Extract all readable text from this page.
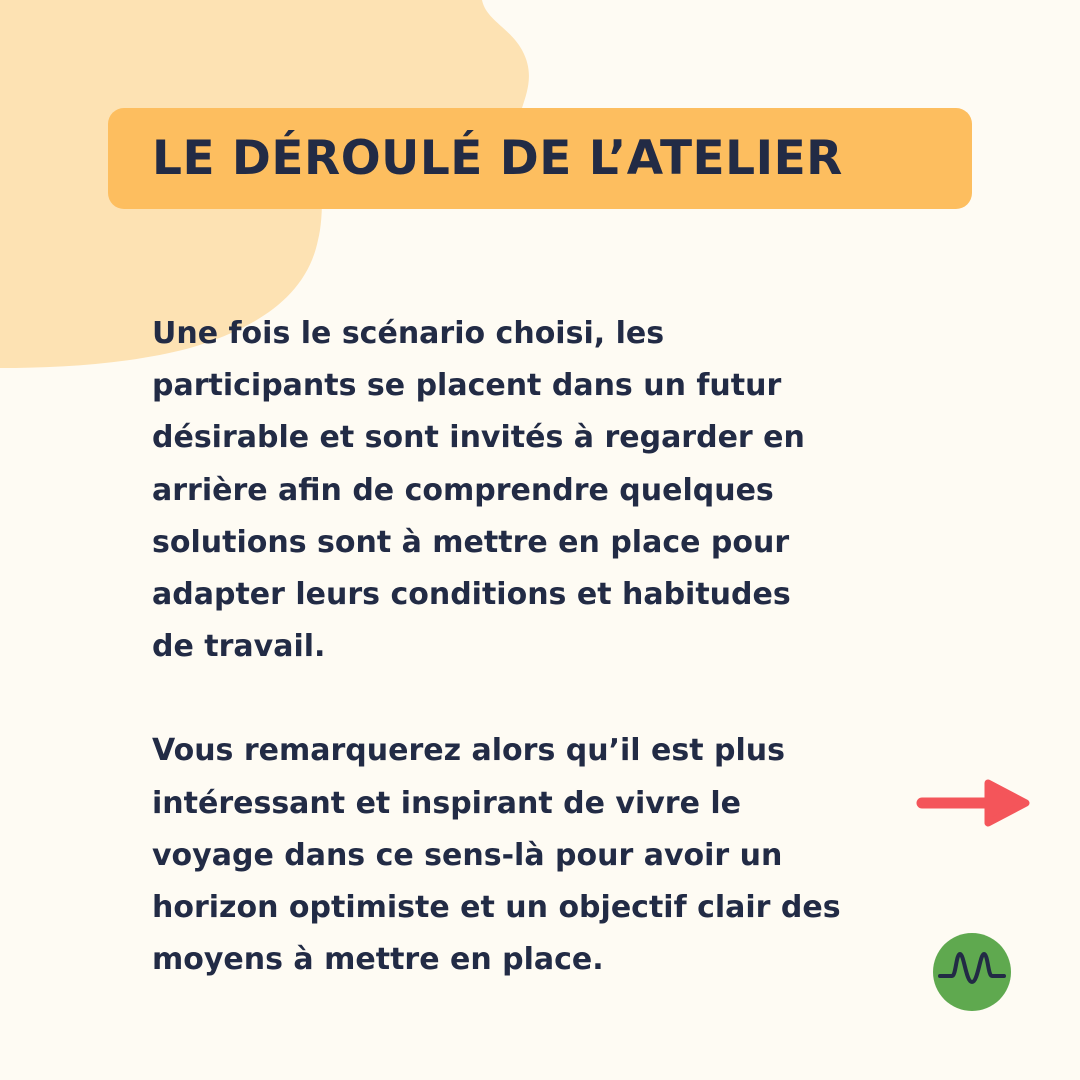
LE DÉROULÉ DE L’ATELIER

Une fois le scénario choisi, les
participants se placent dans un futur
désirable et sont invités à regarder en
arrière afin de comprendre quelques
solutions sont à mettre en place pour
adapter leurs conditions et habitudes
de travail.

Vous remarquerez alors qu’il est plus
intéressant et inspirant de vivre le
voyage dans ce sens-là pour avoir un
horizon optimiste et un objectif clair des
moyens à mettre en place.
